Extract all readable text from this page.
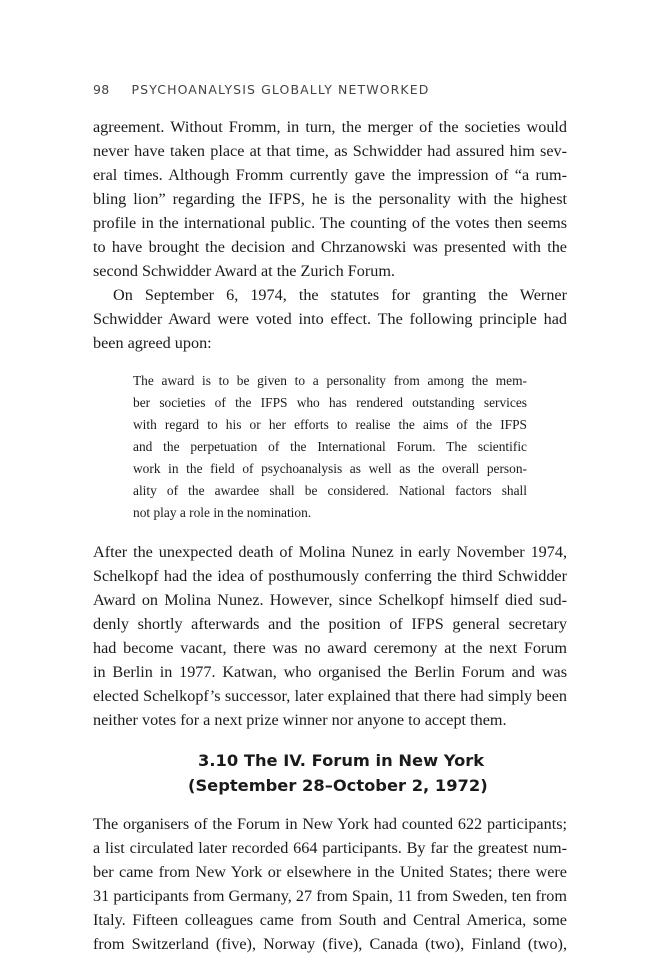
98 PSYCHOANALYSIS GLOBALLY NETWORKED
agreement. Without Fromm, in turn, the merger of the societies would
never have taken place at that time, as Schwidder had assured him sev-
eral times. Although Fromm currently gave the impression of “a rum-
bling lion” regarding the IFPS, he is the personality with the highest
profile in the international public. The counting of the votes then seems
to have brought the decision and Chrzanowski was presented with the
second Schwidder Award at the Zurich Forum.
On September 6, 1974, the statutes for granting the Werner
Schwidder Award were voted into effect. The following principle had
been agreed upon:
The award is to be given to a personality from among the mem-
ber societies of the IFPS who has rendered outstanding services
with regard to his or her efforts to realise the aims of the IFPS
and the perpetuation of the International Forum. The scientific
work in the field of psychoanalysis as well as the overall person-
ality of the awardee shall be considered. National factors shall
not play a role in the nomination.
After the unexpected death of Molina Nunez in early November 1974,
Schelkopf had the idea of posthumously conferring the third Schwidder
Award on Molina Nunez. However, since Schelkopf himself died sud-
denly shortly afterwards and the position of IFPS general secretary
had become vacant, there was no award ceremony at the next Forum
in Berlin in 1977. Katwan, who organised the Berlin Forum and was
elected Schelkopf’s successor, later explained that there had simply been
neither votes for a next prize winner nor anyone to accept them.
3.10 The IV. Forum in New York
(September 28–October 2, 1972)
The organisers of the Forum in New York had counted 622 participants;
a list circulated later recorded 664 participants. By far the greatest num-
ber came from New York or elsewhere in the United States; there were
31 participants from Germany, 27 from Spain, 11 from Sweden, ten from
Italy. Fifteen colleagues came from South and Central America, some
from Switzerland (five), Norway (five), Canada (two), Finland (two),
